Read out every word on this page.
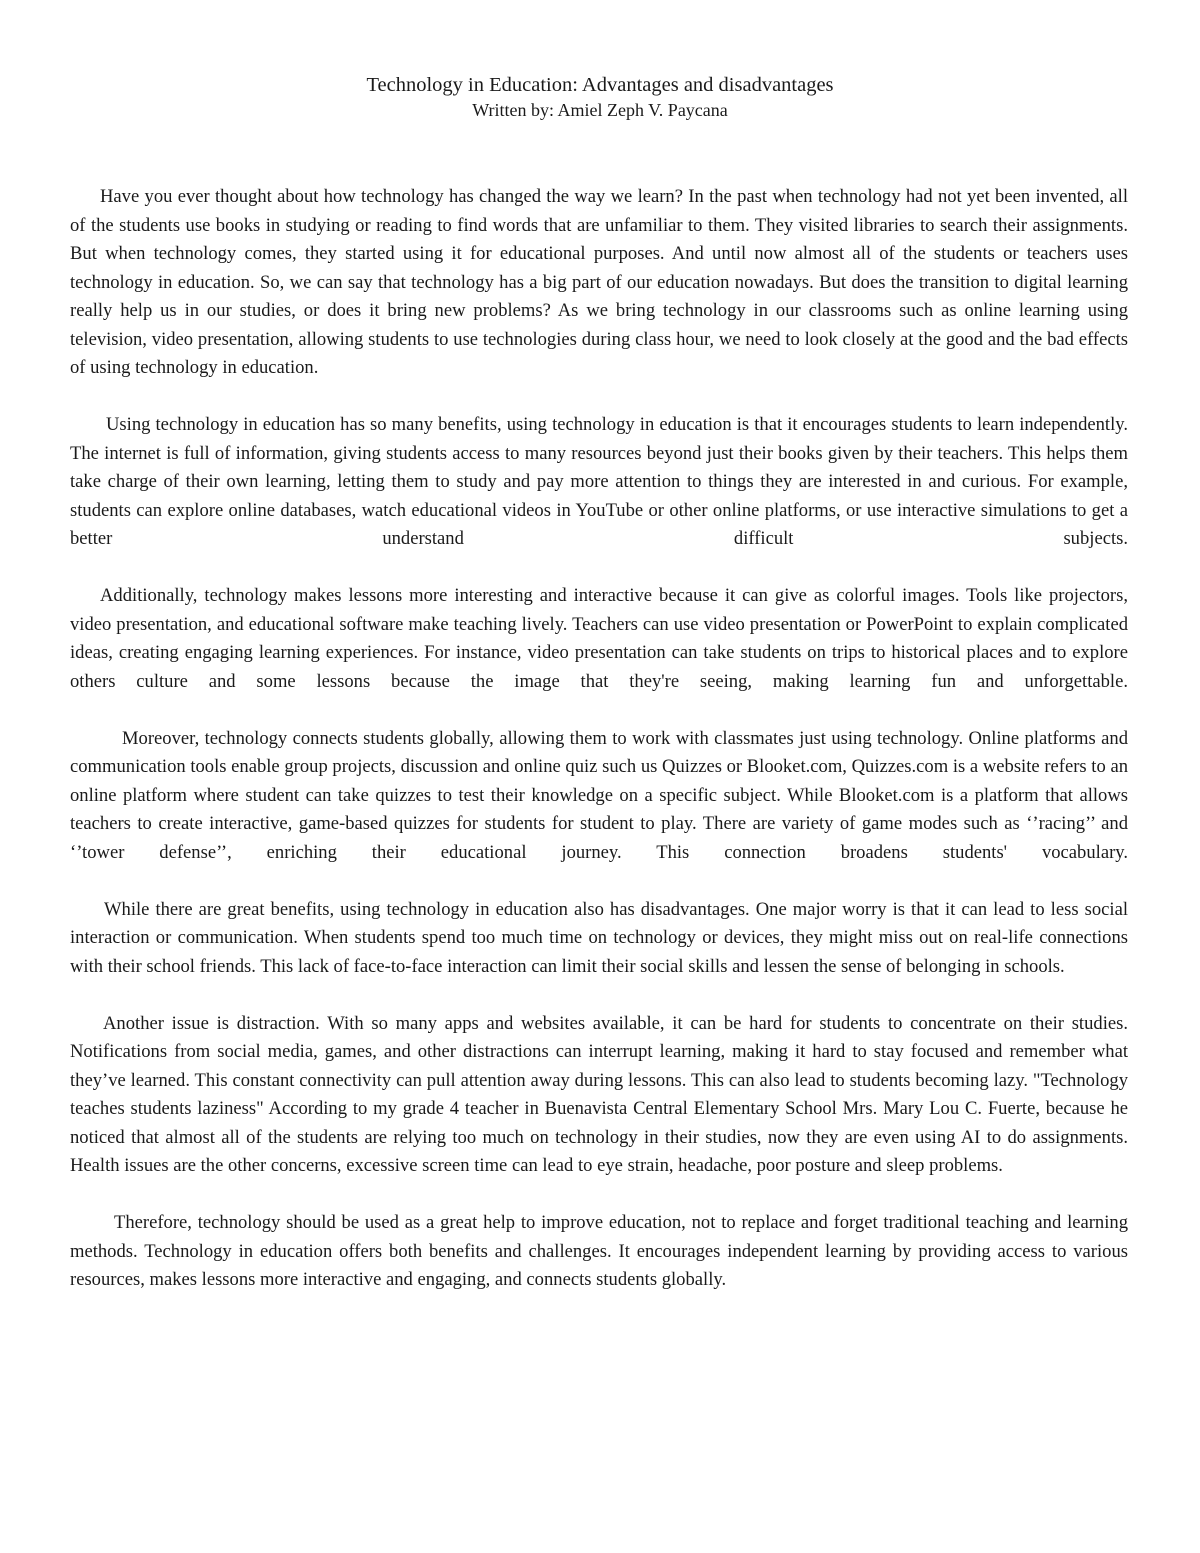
Technology in Education: Advantages and disadvantages

Written by: Amiel Zeph V. Paycana

Have you ever thought about how technology has changed the way we learn? In the past when technology had not yet been invented, all of the students use books in studying or reading to find words that are unfamiliar to them. They visited libraries to search their assignments. But when technology comes, they started using it for educational purposes. And until now almost all of the students or teachers uses technology in education. So, we can say that technology has a big part of our education nowadays. But does the transition to digital learning really help us in our studies, or does it bring new problems? As we bring technology in our classrooms such as online learning using television, video presentation, allowing students to use technologies during class hour, we need to look closely at the good and the bad effects of using technology in education.

Using technology in education has so many benefits, using technology in education is that it encourages students to learn independently. The internet is full of information, giving students access to many resources beyond just their books given by their teachers. This helps them take charge of their own learning, letting them to study and pay more attention to things they are interested in and curious. For example, students can explore online databases, watch educational videos in YouTube or other online platforms, or use interactive simulations to get a better understand difficult subjects.

Additionally, technology makes lessons more interesting and interactive because it can give as colorful images. Tools like projectors, video presentation, and educational software make teaching lively. Teachers can use video presentation or PowerPoint to explain complicated ideas, creating engaging learning experiences. For instance, video presentation can take students on trips to historical places and to explore others culture and some lessons because the image that they're seeing, making learning fun and unforgettable.

Moreover, technology connects students globally, allowing them to work with classmates just using technology. Online platforms and communication tools enable group projects, discussion and online quiz such us Quizzes or Blooket.com, Quizzes.com is a website refers to an online platform where student can take quizzes to test their knowledge on a specific subject. While Blooket.com is a platform that allows teachers to create interactive, game-based quizzes for students for student to play. There are variety of game modes such as ‘’racing’’ and ‘’tower defense’’, enriching their educational journey. This connection broadens students' vocabulary.

While there are great benefits, using technology in education also has disadvantages. One major worry is that it can lead to less social interaction or communication. When students spend too much time on technology or devices, they might miss out on real-life connections with their school friends. This lack of face-to-face interaction can limit their social skills and lessen the sense of belonging in schools.

Another issue is distraction. With so many apps and websites available, it can be hard for students to concentrate on their studies. Notifications from social media, games, and other distractions can interrupt learning, making it hard to stay focused and remember what they’ve learned. This constant connectivity can pull attention away during lessons. This can also lead to students becoming lazy. "Technology teaches students laziness" According to my grade 4 teacher in Buenavista Central Elementary School Mrs. Mary Lou C. Fuerte, because he noticed that almost all of the students are relying too much on technology in their studies, now they are even using AI to do assignments. Health issues are the other concerns, excessive screen time can lead to eye strain, headache, poor posture and sleep problems.

Therefore, technology should be used as a great help to improve education, not to replace and forget traditional teaching and learning methods. Technology in education offers both benefits and challenges. It encourages independent learning by providing access to various resources, makes lessons more interactive and engaging, and connects students globally.
